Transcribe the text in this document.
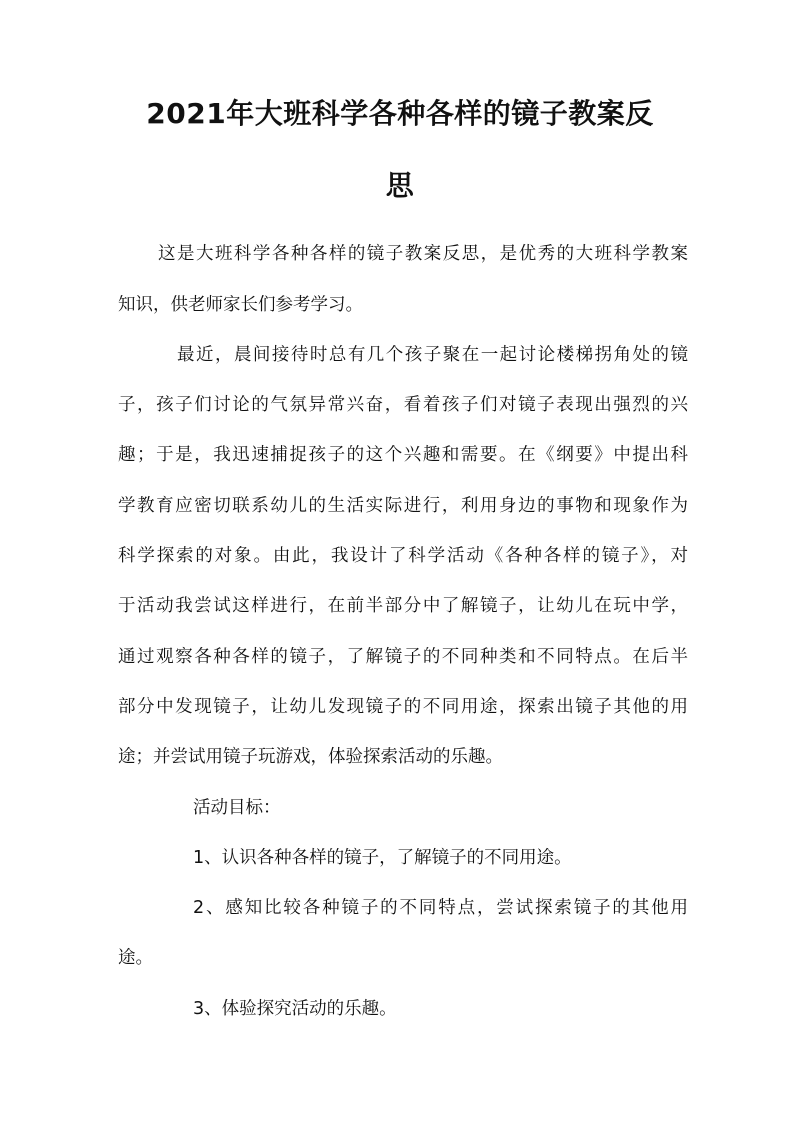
2021年大班科学各种各样的镜子教案反
思
这是大班科学各种各样的镜子教案反思，是优秀的大班科学教案
知识，供老师家长们参考学习。
最近，晨间接待时总有几个孩子聚在一起讨论楼梯拐角处的镜
子，孩子们讨论的气氛异常兴奋，看着孩子们对镜子表现出强烈的兴
趣；于是，我迅速捕捉孩子的这个兴趣和需要。在《纲要》中提出科
学教育应密切联系幼儿的生活实际进行，利用身边的事物和现象作为
科学探索的对象。由此，我设计了科学活动《各种各样的镜子》，对
于活动我尝试这样进行，在前半部分中了解镜子，让幼儿在玩中学，
通过观察各种各样的镜子，了解镜子的不同种类和不同特点。在后半
部分中发现镜子，让幼儿发现镜子的不同用途，探索出镜子其他的用
途；并尝试用镜子玩游戏，体验探索活动的乐趣。
活动目标：
1、认识各种各样的镜子，了解镜子的不同用途。
2、感知比较各种镜子的不同特点，尝试探索镜子的其他用
途。
3、体验探究活动的乐趣。
